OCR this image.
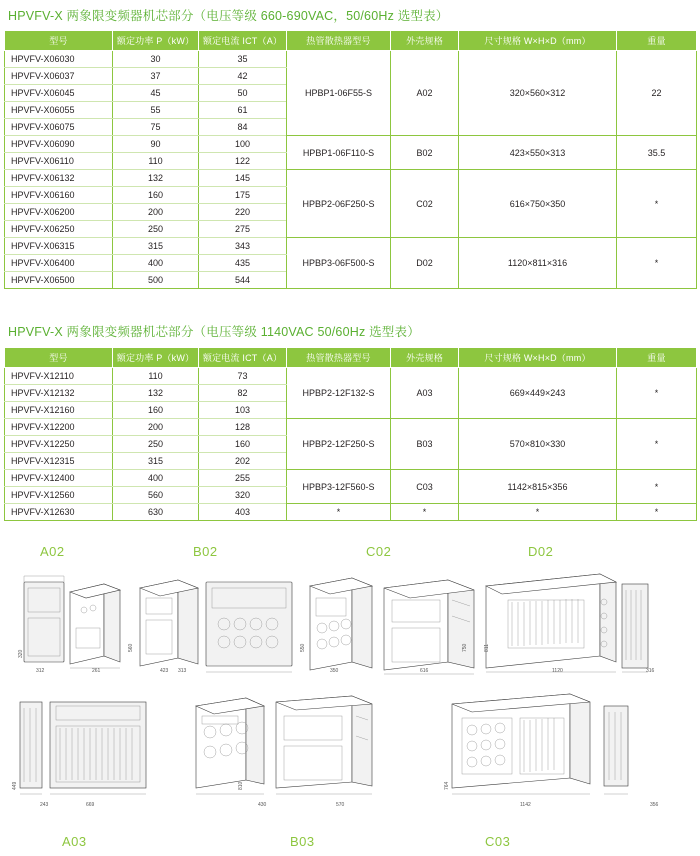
HPVFV-X 两象限变频器机芯部分（电压等级 660-690VAC，50/60Hz 选型表）
型号	额定功率 P（kW）	额定电流 ICT（A）	热管散热器型号	外壳规格	尺寸规格 W×H×D（mm）	重量
HPVFV-X06030	30	35	HPBP1-06F55-S	A02	320×560×312	22
HPVFV-X06037	37	42				
HPVFV-X06045	45	50				
HPVFV-X06055	55	61				
HPVFV-X06075	75	84				
HPVFV-X06090	90	100	HPBP1-06F110-S	B02	423×550×313	35.5
HPVFV-X06110	110	122				
HPVFV-X06132	132	145	HPBP2-06F250-S	C02	616×750×350	*
HPVFV-X06160	160	175				
HPVFV-X06200	200	220				
HPVFV-X06250	250	275				
HPVFV-X06315	315	343	HPBP3-06F500-S	D02	1120×811×316	*
HPVFV-X06400	400	435				
HPVFV-X06500	500	544				
HPVFV-X 两象限变频器机芯部分（电压等级 1140VAC 50/60Hz 选型表）
型号	额定功率 P（kW）	额定电流 ICT（A）	热管散热器型号	外壳规格	尺寸规格 W×H×D（mm）	重量
HPVFV-X12110	110	73	HPBP2-12F132-S	A03	669×449×243	*
HPVFV-X12132	132	82				
HPVFV-X12160	160	103				
HPVFV-X12200	200	128	HPBP2-12F250-S	B03	570×810×330	*
HPVFV-X12250	250	160				
HPVFV-X12315	315	202				
HPVFV-X12400	400	255	HPBP3-12F560-S	C03	1142×815×356	*
HPVFV-X12560	560	320				
HPVFV-X12630	630	403	*	*	*	*
A02	B02	C02	D02
A03	B03	C03
320
312	261
560
423 313
550
350	616
750	811
1120	316
449
243	669
810
430	570
764
1142	356
